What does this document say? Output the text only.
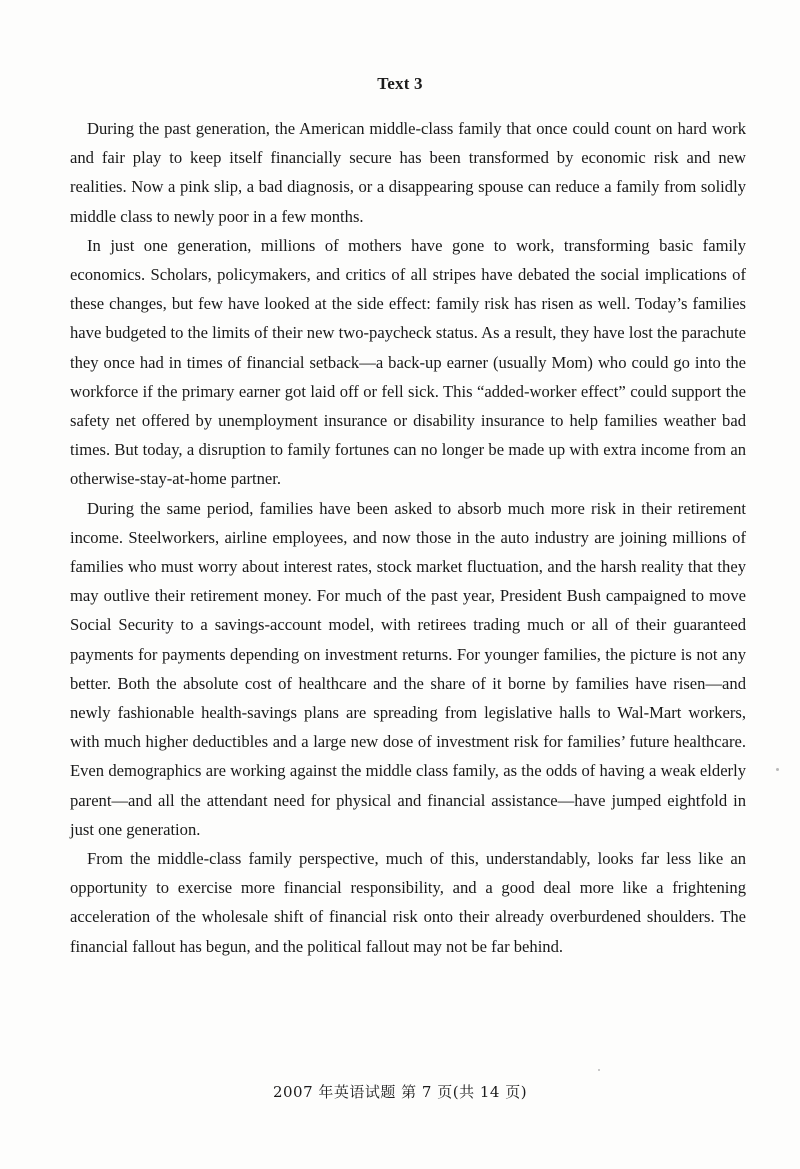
Text 3

During the past generation, the American middle-class family that once could count on hard work and fair play to keep itself financially secure has been transformed by economic risk and new realities. Now a pink slip, a bad diagnosis, or a disappearing spouse can reduce a family from solidly middle class to newly poor in a few months.

In just one generation, millions of mothers have gone to work, transforming basic family economics. Scholars, policymakers, and critics of all stripes have debated the social implications of these changes, but few have looked at the side effect: family risk has risen as well. Today’s families have budgeted to the limits of their new two-paycheck status. As a result, they have lost the parachute they once had in times of financial setback—a back-up earner (usually Mom) who could go into the workforce if the primary earner got laid off or fell sick. This “added-worker effect” could support the safety net offered by unemployment insurance or disability insurance to help families weather bad times. But today, a disruption to family fortunes can no longer be made up with extra income from an otherwise-stay-at-home partner.

During the same period, families have been asked to absorb much more risk in their retirement income. Steelworkers, airline employees, and now those in the auto industry are joining millions of families who must worry about interest rates, stock market fluctuation, and the harsh reality that they may outlive their retirement money. For much of the past year, President Bush campaigned to move Social Security to a savings-account model, with retirees trading much or all of their guaranteed payments for payments depending on investment returns. For younger families, the picture is not any better. Both the absolute cost of healthcare and the share of it borne by families have risen—and newly fashionable health-savings plans are spreading from legislative halls to Wal-Mart workers, with much higher deductibles and a large new dose of investment risk for families’ future healthcare. Even demographics are working against the middle class family, as the odds of having a weak elderly parent—and all the attendant need for physical and financial assistance—have jumped eightfold in just one generation.

From the middle-class family perspective, much of this, understandably, looks far less like an opportunity to exercise more financial responsibility, and a good deal more like a frightening acceleration of the wholesale shift of financial risk onto their already overburdened shoulders. The financial fallout has begun, and the political fallout may not be far behind.

2007 年英语试题 第 7 页(共 14 页)
